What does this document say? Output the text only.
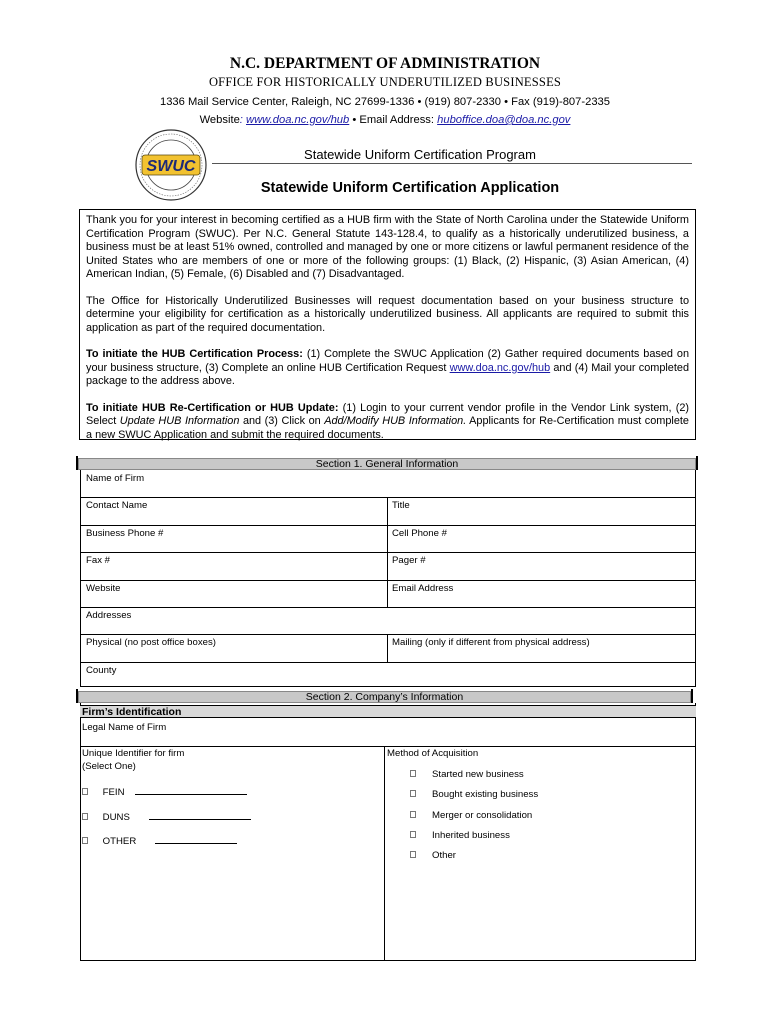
N.C. DEPARTMENT OF ADMINISTRATION
OFFICE FOR HISTORICALLY UNDERUTILIZED BUSINESSES
1336 Mail Service Center, Raleigh, NC 27699-1336 • (919) 807-2330 • Fax (919)-807-2335
Website: www.doa.nc.gov/hub • Email Address: huboffice.doa@doa.nc.gov
SWUC
Statewide Uniform Certification Program
Statewide Uniform Certification Application

Thank you for your interest in becoming certified as a HUB firm with the State of North Carolina under the Statewide Uniform Certification Program (SWUC). Per N.C. General Statute 143-128.4, to qualify as a historically underutilized business, a business must be at least 51% owned, controlled and managed by one or more citizens or lawful permanent residence of the United States who are members of one or more of the following groups: (1) Black, (2) Hispanic, (3) Asian American, (4) American Indian, (5) Female, (6) Disabled and (7) Disadvantaged.

The Office for Historically Underutilized Businesses will request documentation based on your business structure to determine your eligibility for certification as a historically underutilized business. All applicants are required to submit this application as part of the required documentation.

To initiate the HUB Certification Process: (1) Complete the SWUC Application (2) Gather required documents based on your business structure, (3) Complete an online HUB Certification Request www.doa.nc.gov/hub and (4) Mail your completed package to the address above.

To initiate HUB Re-Certification or HUB Update: (1) Login to your current vendor profile in the Vendor Link system, (2) Select Update HUB Information and (3) Click on Add/Modify HUB Information. Applicants for Re-Certification must complete a new SWUC Application and submit the required documents.

Section 1. General Information
Name of Firm
Contact Name	Title
Business Phone #	Cell Phone #
Fax #	Pager #
Website	Email Address
Addresses
Physical (no post office boxes)	Mailing (only if different from physical address)
County
Section 2. Company’s Information
Firm’s Identification
Legal Name of Firm
Unique Identifier for firm
(Select One)
FEIN
DUNS
OTHER
Method of Acquisition
Started new business
Bought existing business
Merger or consolidation
Inherited business
Other
